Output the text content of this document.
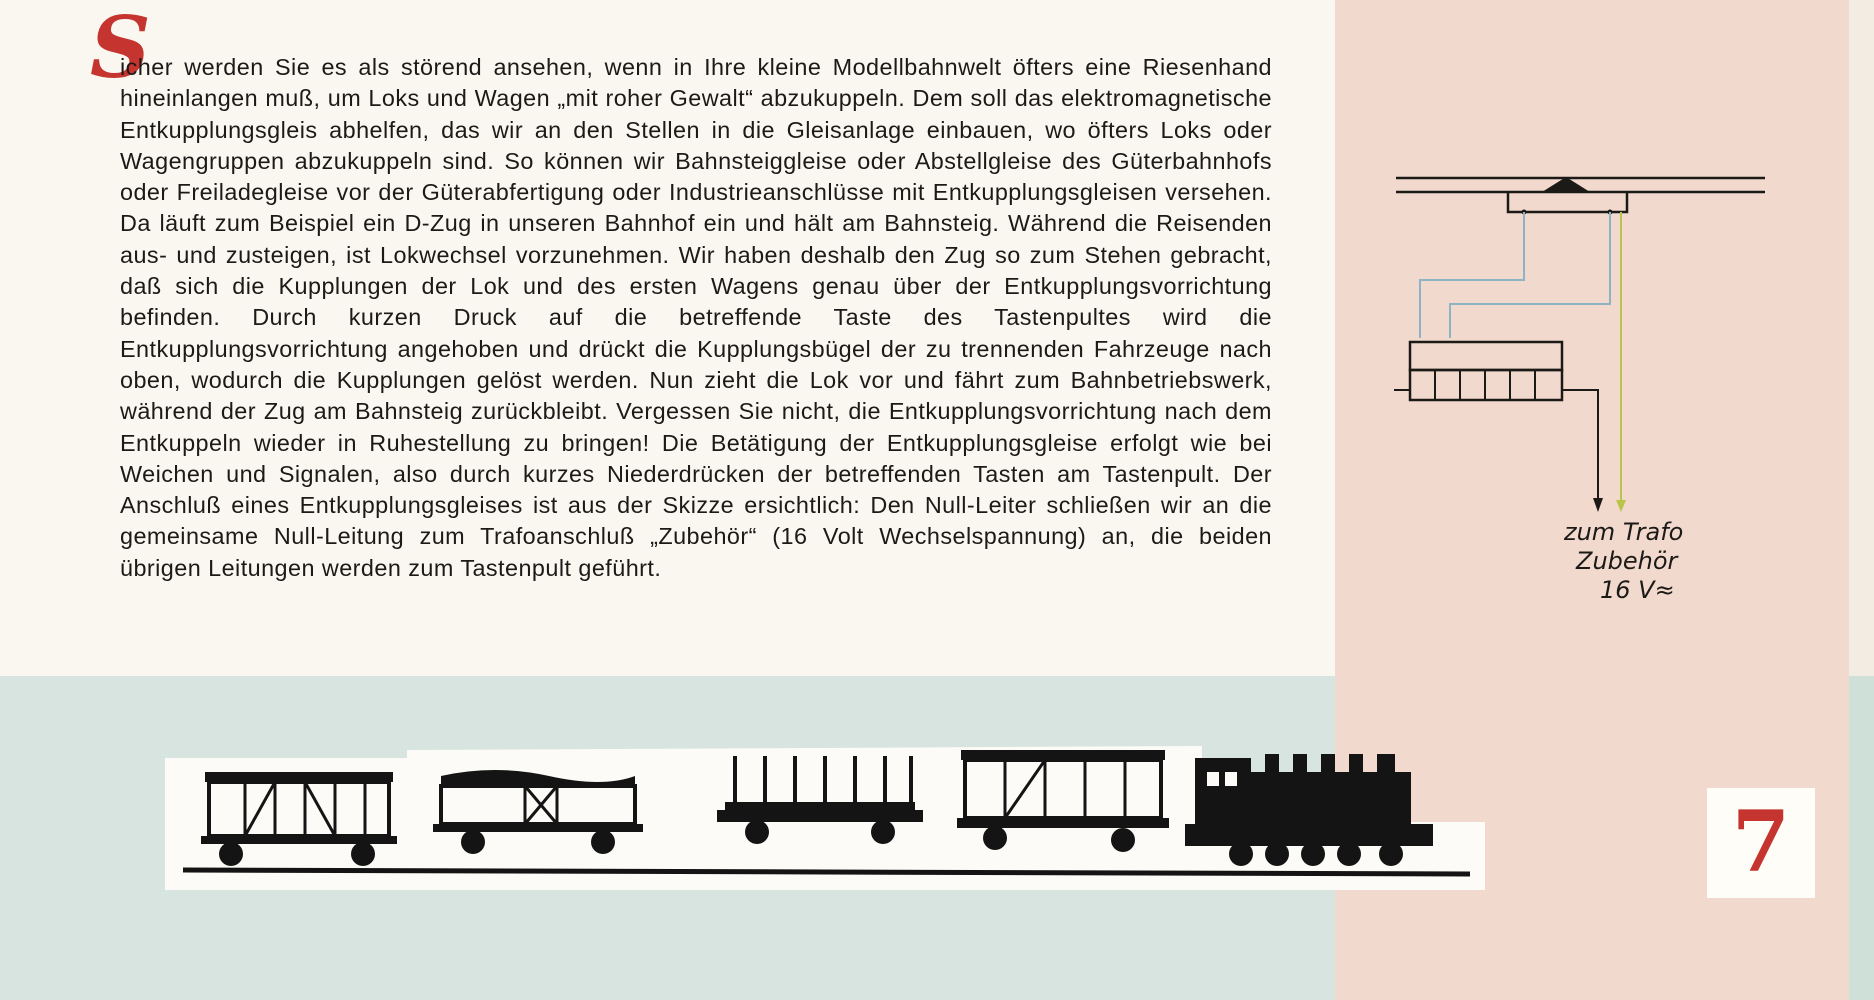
S
icher werden Sie es als störend ansehen, wenn in Ihre kleine Modellbahnwelt öfters eine Riesenhand hineinlangen muß, um Loks und Wagen „mit roher Gewalt“ abzukuppeln. Dem soll das elektromagnetische Entkupplungsgleis abhelfen, das wir an den Stellen in die Gleisanlage einbauen, wo öfters Loks oder Wagengruppen abzukuppeln sind. So können wir Bahnsteiggleise oder Abstellgleise des Güterbahnhofs oder Freiladegleise vor der Güterabfertigung oder Industrieanschlüsse mit Entkupplungsgleisen versehen. Da läuft zum Beispiel ein D-Zug in unseren Bahnhof ein und hält am Bahnsteig. Während die Reisenden aus- und zusteigen, ist Lokwechsel vorzunehmen. Wir haben deshalb den Zug so zum Stehen gebracht, daß sich die Kupplungen der Lok und des ersten Wagens genau über der Entkupplungsvorrichtung befinden. Durch kurzen Druck auf die betreffende Taste des Tastenpultes wird die Entkupplungsvorrichtung angehoben und drückt die Kupplungsbügel der zu trennenden Fahrzeuge nach oben, wodurch die Kupplungen gelöst werden. Nun zieht die Lok vor und fährt zum Bahnbetriebswerk, während der Zug am Bahnsteig zurückbleibt. Vergessen Sie nicht, die Entkupplungsvorrichtung nach dem Entkuppeln wieder in Ruhestellung zu bringen! Die Betätigung der Entkupplungsgleise erfolgt wie bei Weichen und Signalen, also durch kurzes Niederdrücken der betreffenden Tasten am Tastenpult. Der Anschluß eines Entkupplungsgleises ist aus der Skizze ersichtlich: Den Null-Leiter schließen wir an die gemeinsame Null-Leitung zum Trafoanschluß „Zubehör“ (16 Volt Wechselspannung) an, die beiden übrigen Leitungen werden zum Tastenpult geführt.
zum Trafo
Zubehör
16 V≈
7
